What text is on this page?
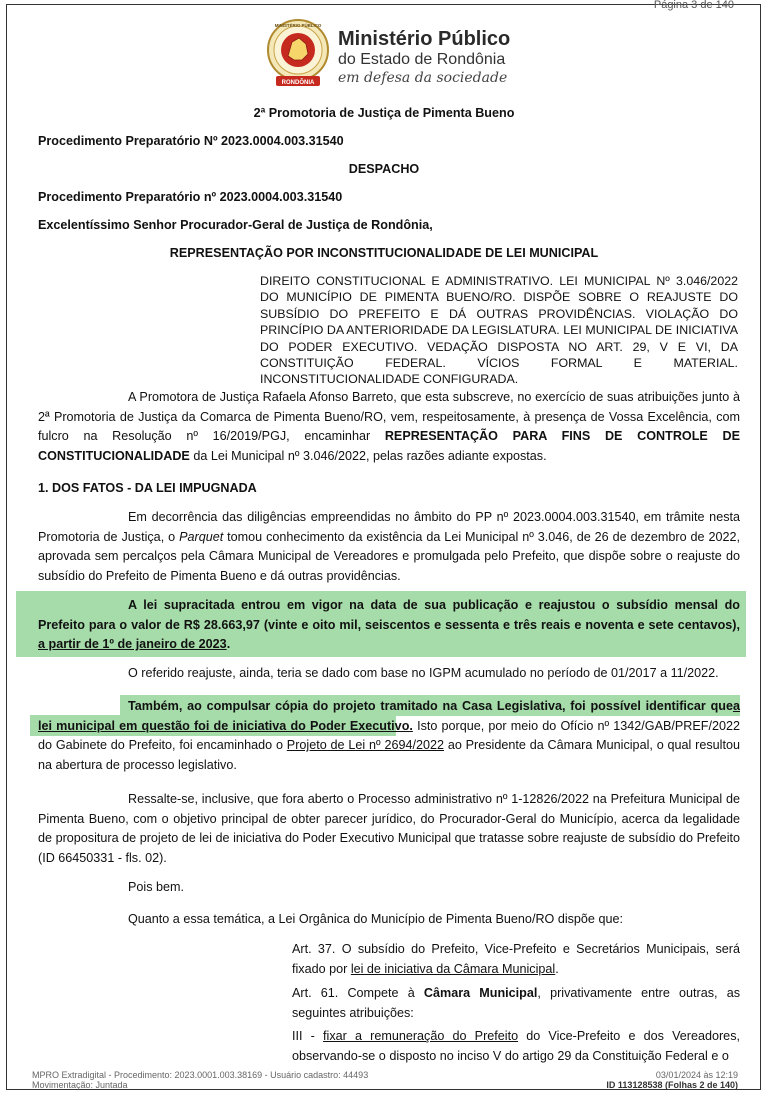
Página 3 de 140
RONDÔNIA
MINISTÉRIO PÚBLICO
Ministério Público
do Estado de Rondônia
em defesa da sociedade
2ª Promotoria de Justiça de Pimenta Bueno
Procedimento Preparatório Nº 2023.0004.003.31540
DESPACHO
Procedimento Preparatório nº 2023.0004.003.31540
Excelentíssimo Senhor Procurador-Geral de Justiça de Rondônia,
REPRESENTAÇÃO POR INCONSTITUCIONALIDADE DE LEI MUNICIPAL
DIREITO CONSTITUCIONAL E ADMINISTRATIVO. LEI MUNICIPAL Nº 3.046/2022 DO MUNICÍPIO DE PIMENTA BUENO/RO. DISPÕE SOBRE O REAJUSTE DO SUBSÍDIO DO PREFEITO E DÁ OUTRAS PROVIDÊNCIAS. VIOLAÇÃO DO PRINCÍPIO DA ANTERIORIDADE DA LEGISLATURA. LEI MUNICIPAL DE INICIATIVA DO PODER EXECUTIVO. VEDAÇÃO DISPOSTA NO ART. 29, V E VI, DA CONSTITUIÇÃO FEDERAL. VÍCIOS FORMAL E MATERIAL. INCONSTITUCIONALIDADE CONFIGURADA.
A Promotora de Justiça Rafaela Afonso Barreto, que esta subscreve, no exercício de suas atribuições junto à 2ª Promotoria de Justiça da Comarca de Pimenta Bueno/RO, vem, respeitosamente, à presença de Vossa Excelência, com fulcro na Resolução nº 16/2019/PGJ, encaminhar REPRESENTAÇÃO PARA FINS DE CONTROLE DE CONSTITUCIONALIDADE da Lei Municipal nº 3.046/2022, pelas razões adiante expostas.
1. DOS FATOS - DA LEI IMPUGNADA
Em decorrência das diligências empreendidas no âmbito do PP nº 2023.0004.003.31540, em trâmite nesta Promotoria de Justiça, o Parquet tomou conhecimento da existência da Lei Municipal nº 3.046, de 26 de dezembro de 2022, aprovada sem percalços pela Câmara Municipal de Vereadores e promulgada pelo Prefeito, que dispõe sobre o reajuste do subsídio do Prefeito de Pimenta Bueno e dá outras providências.
A lei supracitada entrou em vigor na data de sua publicação e reajustou o subsídio mensal do Prefeito para o valor de R$ 28.663,97 (vinte e oito mil, seiscentos e sessenta e três reais e noventa e sete centavos), a partir de 1º de janeiro de 2023.
O referido reajuste, ainda, teria se dado com base no IGPM acumulado no período de 01/2017 a 11/2022.
Também, ao compulsar cópia do projeto tramitado na Casa Legislativa, foi possível identificar quea lei municipal em questão foi de iniciativa do Poder Executivo. Isto porque, por meio do Ofício nº 1342/GAB/PREF/2022 do Gabinete do Prefeito, foi encaminhado o Projeto de Lei nº 2694/2022 ao Presidente da Câmara Municipal, o qual resultou na abertura de processo legislativo.
Ressalte-se, inclusive, que fora aberto o Processo administrativo nº 1-12826/2022 na Prefeitura Municipal de Pimenta Bueno, com o objetivo principal de obter parecer jurídico, do Procurador-Geral do Município, acerca da legalidade de propositura de projeto de lei de iniciativa do Poder Executivo Municipal que tratasse sobre reajuste de subsídio do Prefeito (ID 66450331 - fls. 02).
Pois bem.
Quanto a essa temática, a Lei Orgânica do Município de Pimenta Bueno/RO dispõe que:
Art. 37. O subsídio do Prefeito, Vice-Prefeito e Secretários Municipais, será fixado por lei de iniciativa da Câmara Municipal.
Art. 61. Compete à Câmara Municipal, privativamente entre outras, as seguintes atribuições:
III - fixar a remuneração do Prefeito do Vice-Prefeito e dos Vereadores, observando-se o disposto no inciso V do artigo 29 da Constituição Federal e o
MPRO Extradigital - Procedimento: 2023.0001.003.38169 - Usuário cadastro: 44493
Movimentação: Juntada
03/01/2024 às 12:19
ID 113128538 (Folhas 2 de 140)
